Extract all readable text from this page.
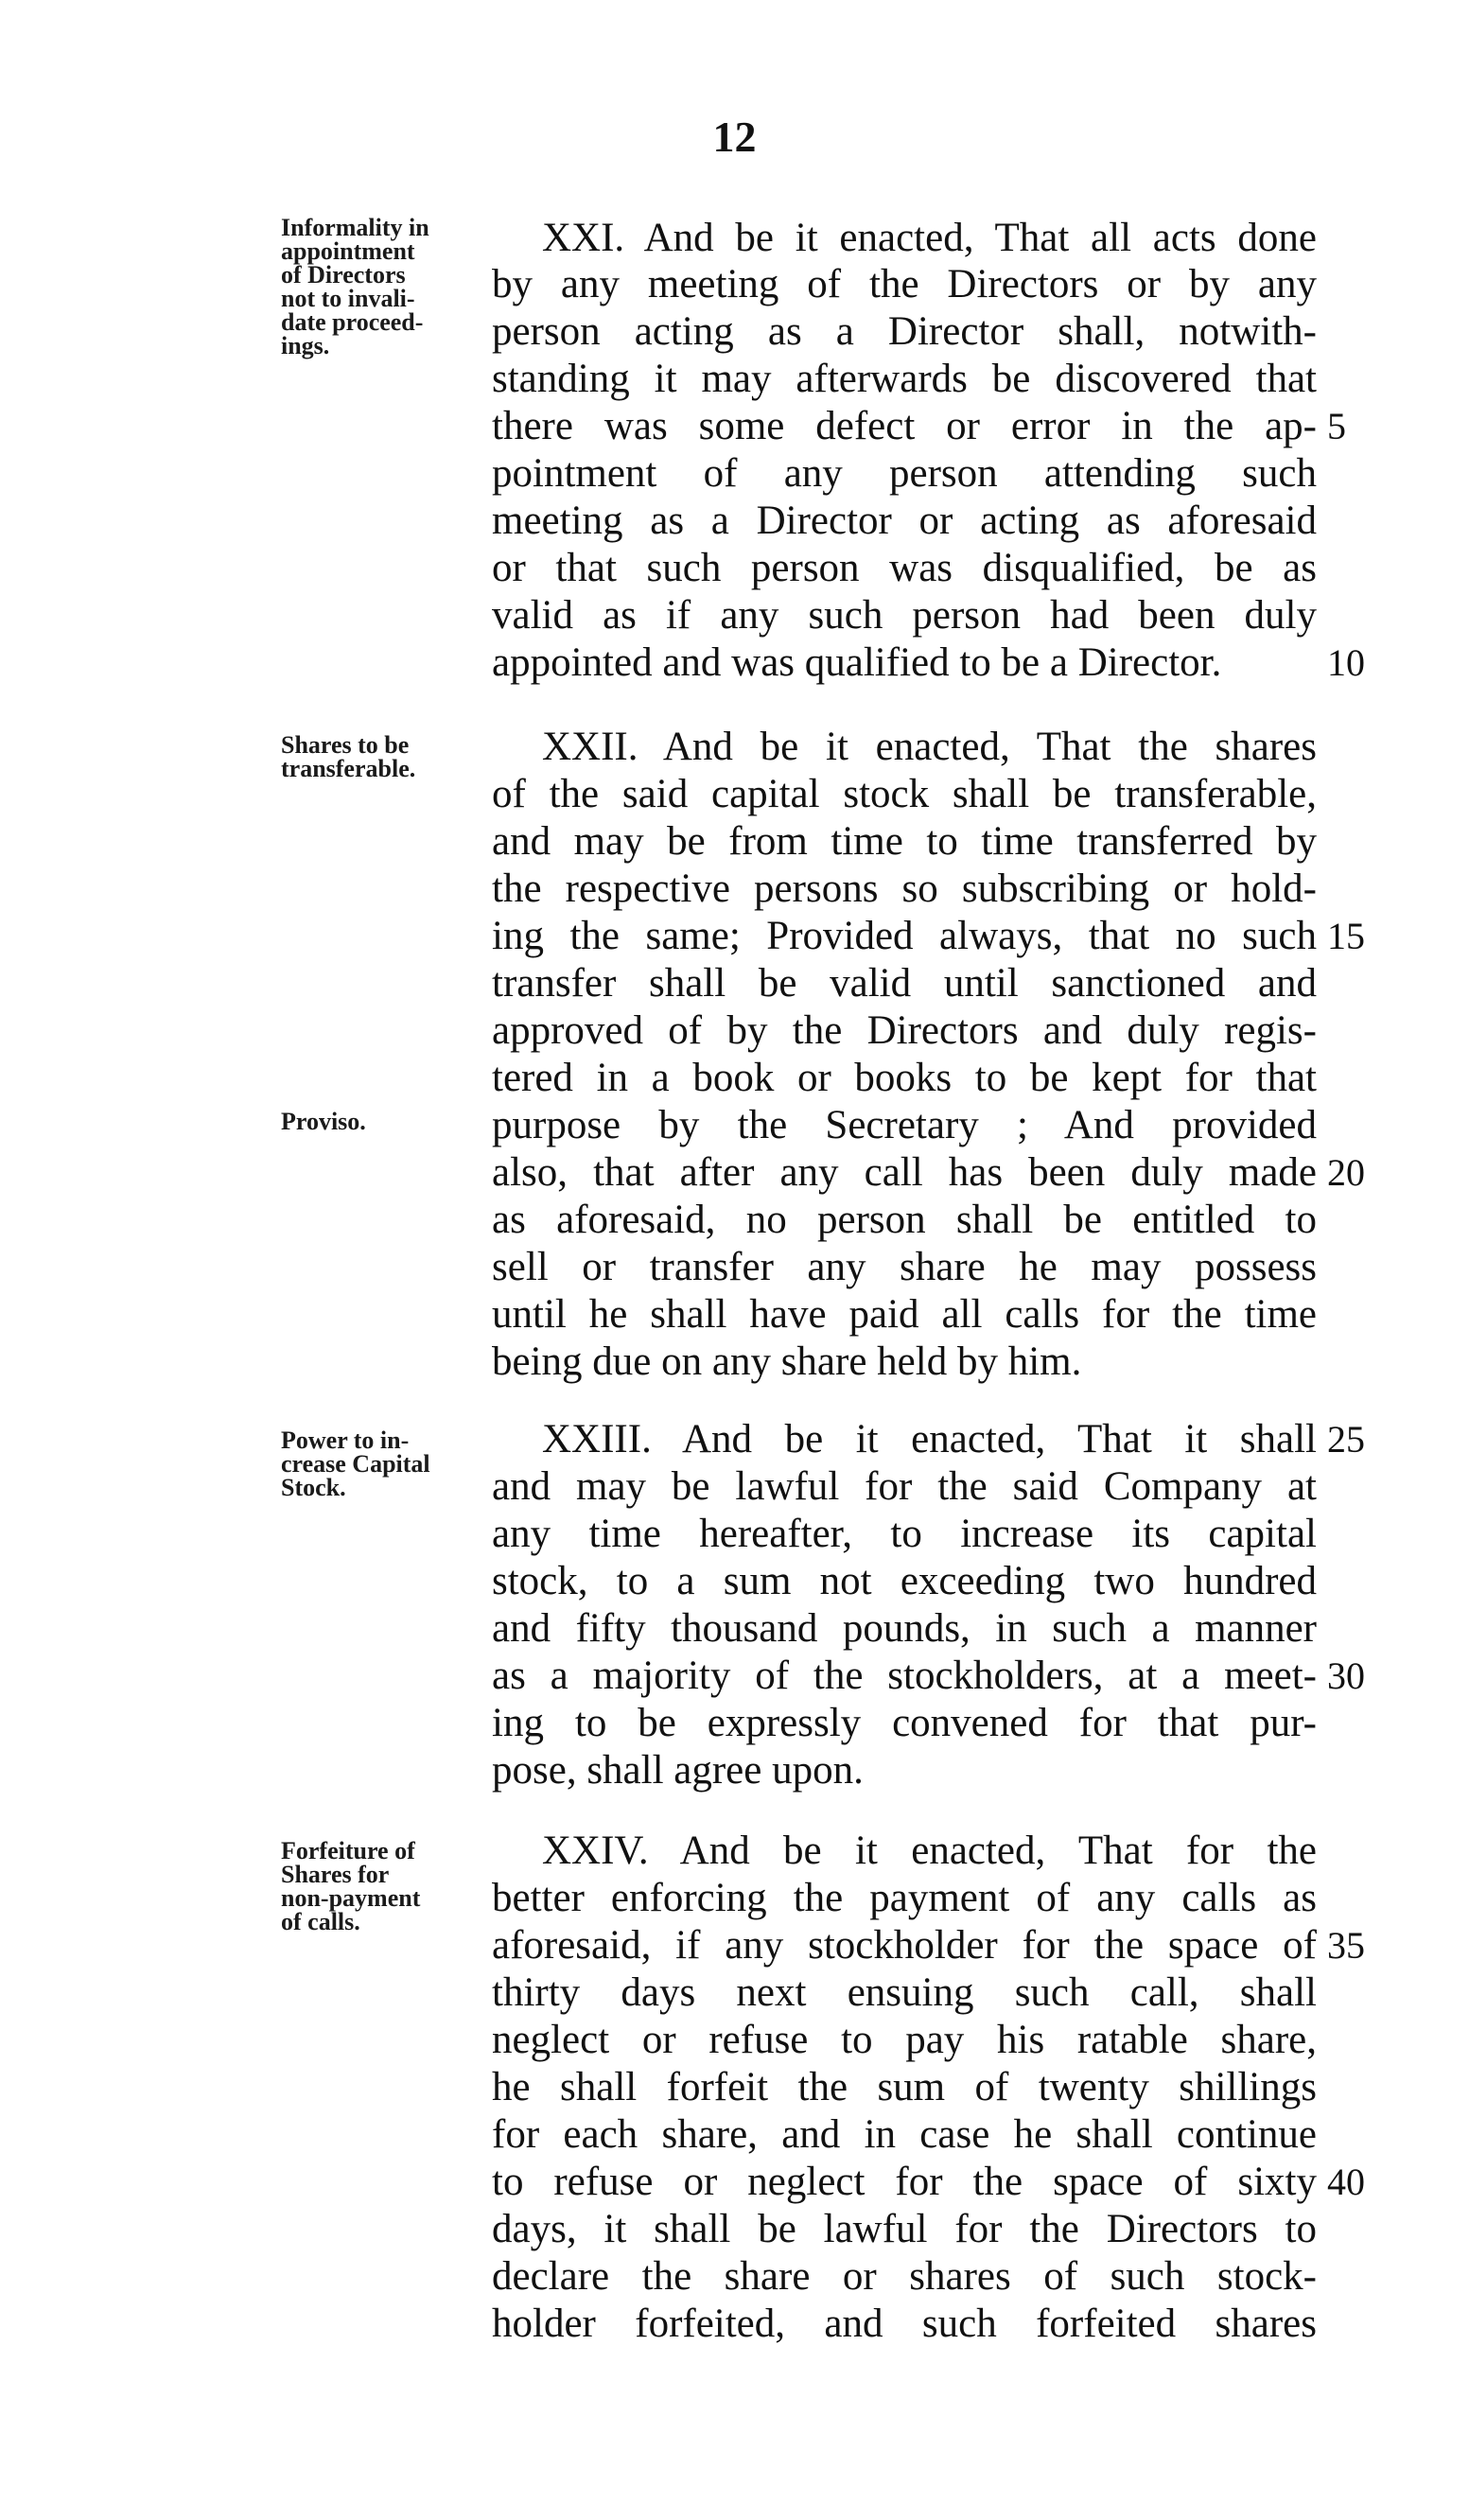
12
Informality in
appointment
of Directors
not to invali-
date proceed-
ings.
XXI. And be it enacted, That all acts done
by any meeting of the Directors or by any
person acting as a Director shall, notwith-
standing it may afterwards be discovered that
there was some defect or error in the ap-
pointment of any person attending such
meeting as a Director or acting as aforesaid
or that such person was disqualified, be as
valid as if any such person had been duly
appointed and was qualified to be a Director.
Shares to be
transferable.
Proviso.
XXII. And be it enacted, That the shares
of the said capital stock shall be transferable,
and may be from time to time transferred by
the respective persons so subscribing or hold-
ing the same; Provided always, that no such
transfer shall be valid until sanctioned and
approved of by the Directors and duly regis-
tered in a book or books to be kept for that
purpose by the Secretary ; And provided
also, that after any call has been duly made
as aforesaid, no person shall be entitled to
sell or transfer any share he may possess
until he shall have paid all calls for the time
being due on any share held by him.
Power to in-
crease Capital
Stock.
XXIII. And be it enacted, That it shall
and may be lawful for the said Company at
any time hereafter, to increase its capital
stock, to a sum not exceeding two hundred
and fifty thousand pounds, in such a manner
as a majority of the stockholders, at a meet-
ing to be expressly convened for that pur-
pose, shall agree upon.
Forfeiture of
Shares for
non-payment
of calls.
XXIV. And be it enacted, That for the
better enforcing the payment of any calls as
aforesaid, if any stockholder for the space of
thirty days next ensuing such call, shall
neglect or refuse to pay his ratable share,
he shall forfeit the sum of twenty shillings
for each share, and in case he shall continue
to refuse or neglect for the space of sixty
days, it shall be lawful for the Directors to
declare the share or shares of such stock-
holder forfeited, and such forfeited shares
5
10
15
20
25
30
35
40
